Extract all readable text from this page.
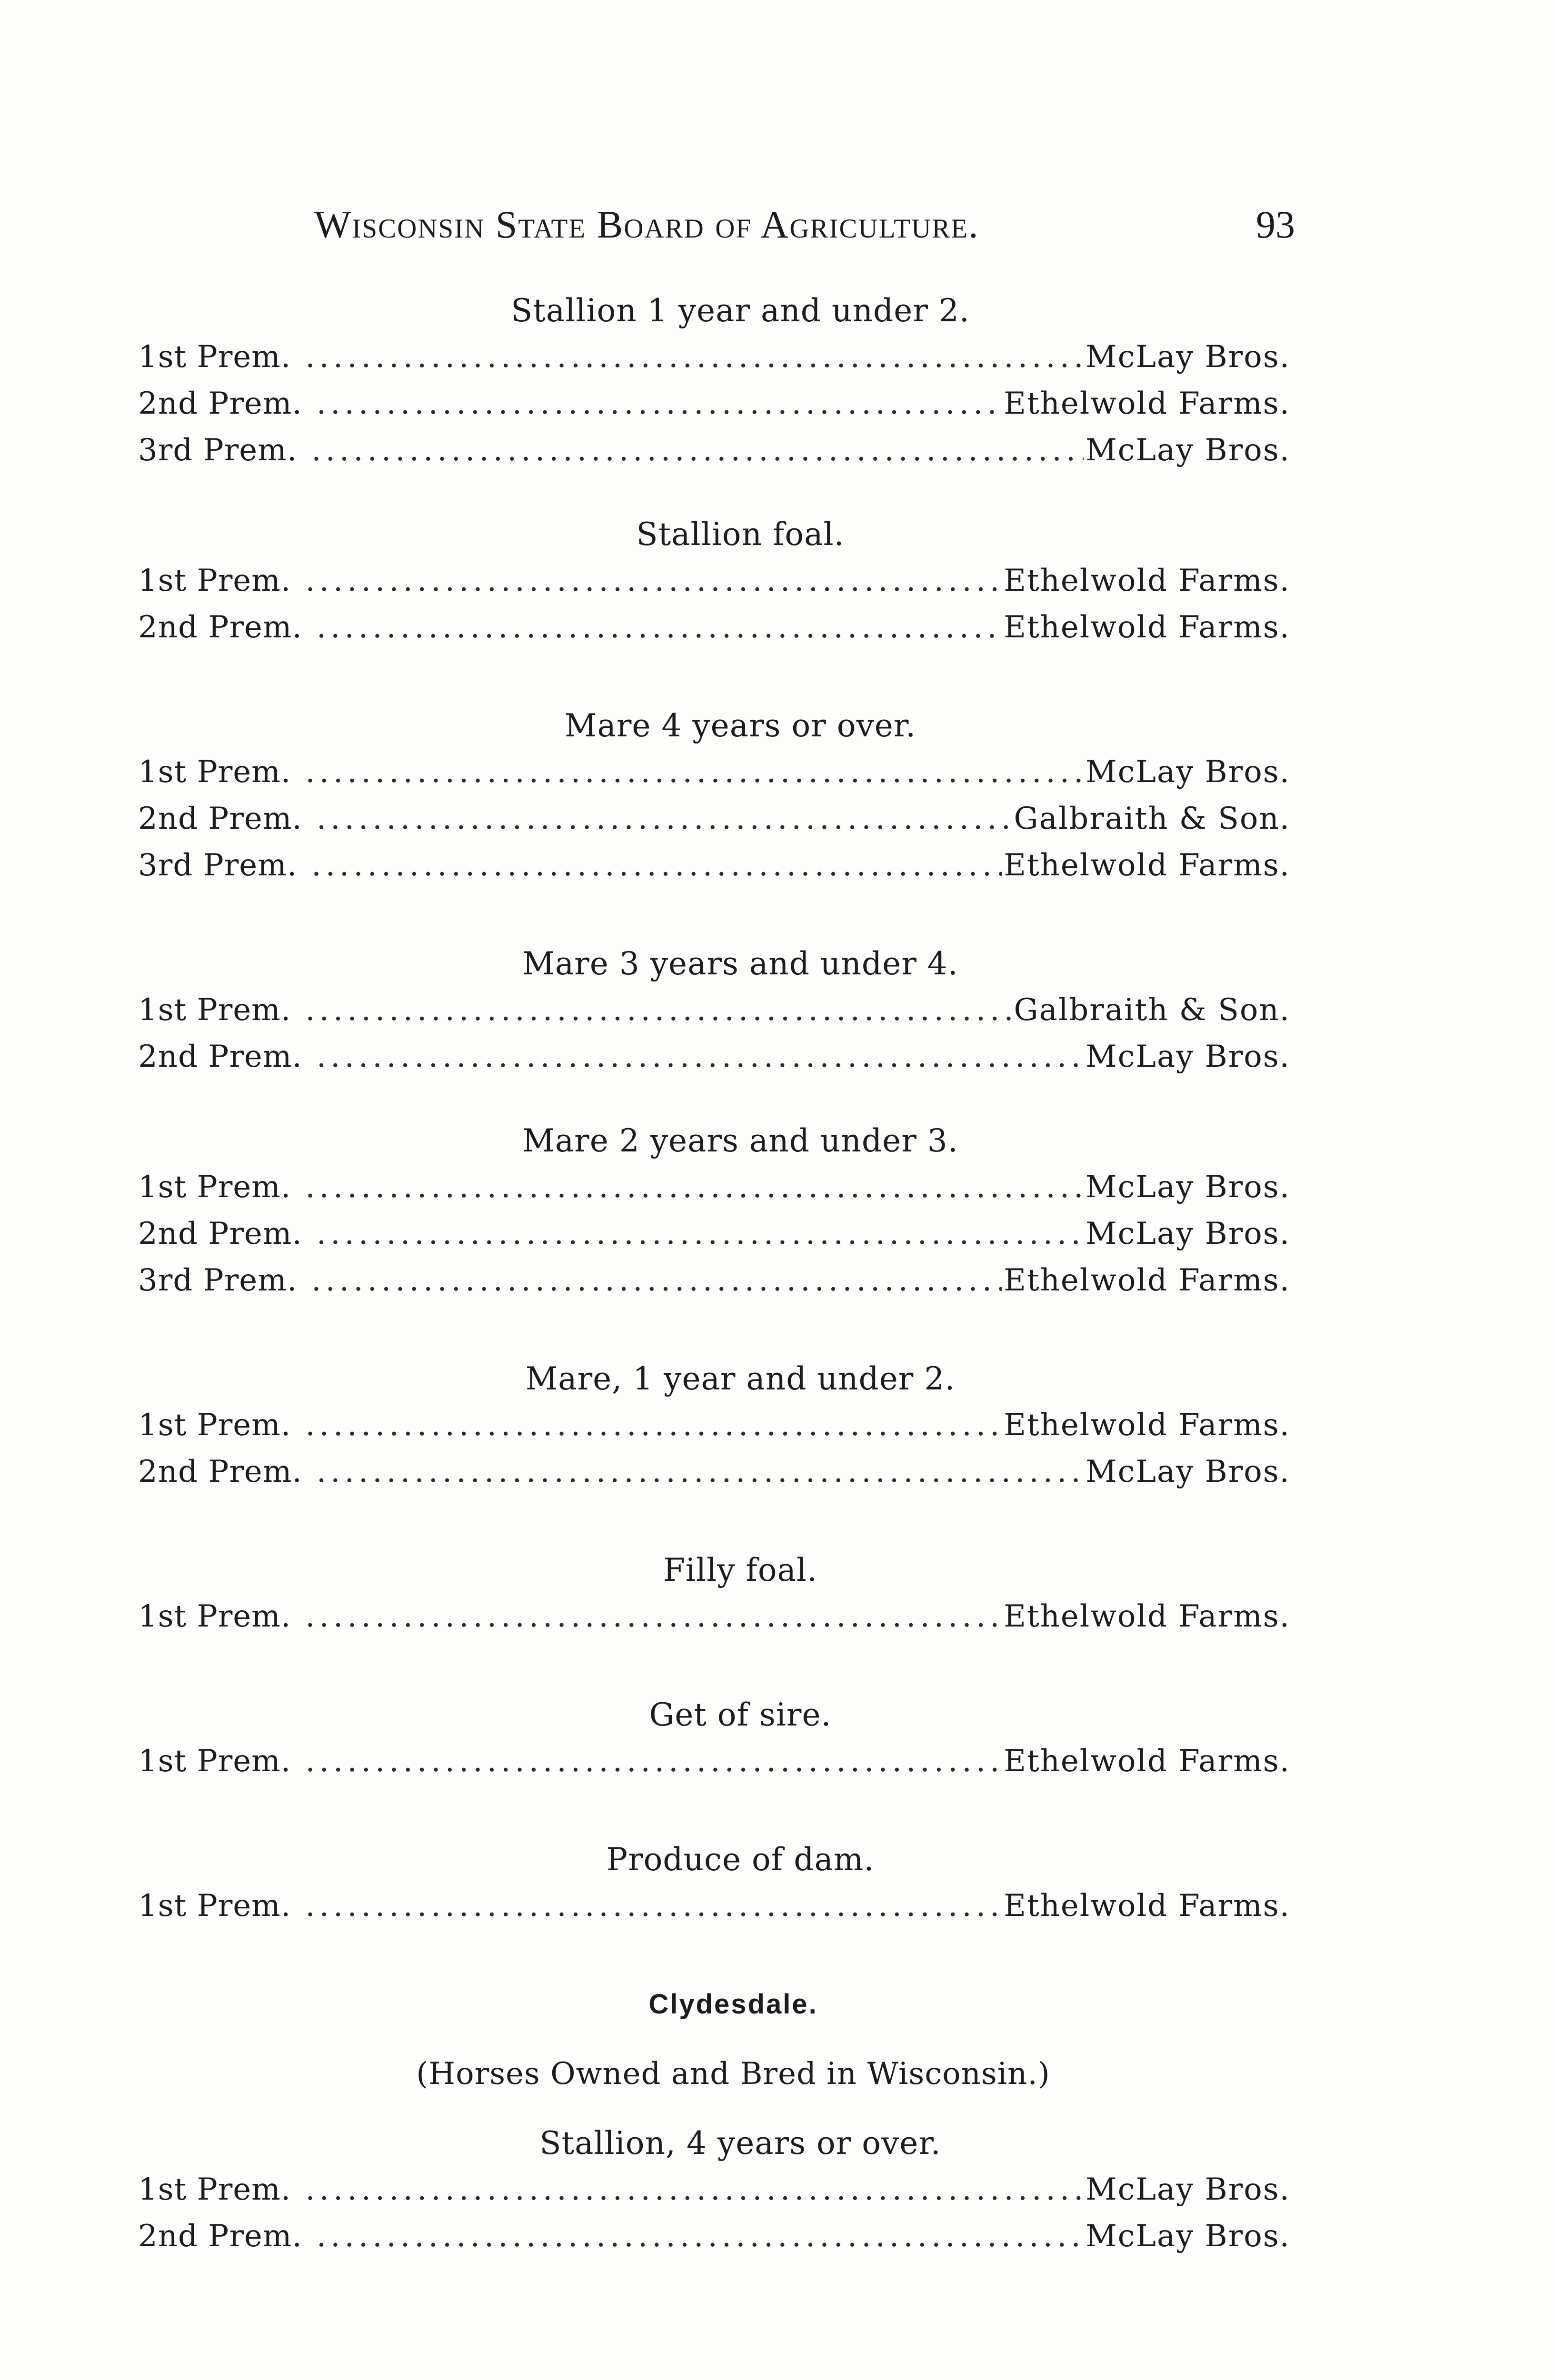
Wisconsin State Board of Agriculture.	93
Stallion 1 year and under 2.
1st Prem. .....	McLay Bros.
2nd Prem. .....	Ethelwold Farms.
3rd Prem. .....	McLay Bros.
Stallion foal.
1st Prem. .....	Ethelwold Farms.
2nd Prem. .....	Ethelwold Farms.
Mare 4 years or over.
1st Prem. .....	McLay Bros.
2nd Prem. .....	Galbraith & Son.
3rd Prem. .....	Ethelwold Farms.
Mare 3 years and under 4.
1st Prem. .....	Galbraith & Son.
2nd Prem. .....	McLay Bros.
Mare 2 years and under 3.
1st Prem. .....	McLay Bros.
2nd Prem. .....	McLay Bros.
3rd Prem. .....	Ethelwold Farms.
Mare, 1 year and under 2.
1st Prem. .....	Ethelwold Farms.
2nd Prem. .....	McLay Bros.
Filly foal.
1st Prem. .....	Ethelwold Farms.
Get of sire.
1st Prem. .....	Ethelwold Farms.
Produce of dam.
1st Prem. .....	Ethelwold Farms.
Clydesdale.
(Horses Owned and Bred in Wisconsin.)
Stallion, 4 years or over.
1st Prem. .....	McLay Bros.
2nd Prem. .....	McLay Bros.
